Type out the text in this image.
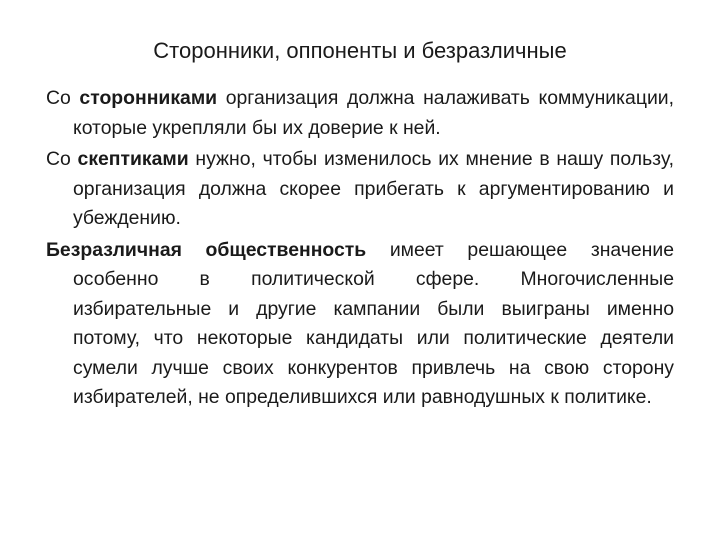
Сторонники, оппоненты и безразличные

Со сторонниками организация должна налаживать коммуникации, которые укрепляли бы их доверие к ней.

Со скептиками нужно, чтобы изменилось их мнение в нашу пользу, организация должна скорее прибегать к аргументированию и убеждению.

Безразличная общественность имеет решающее значение особенно в политической сфере. Многочисленные избирательные и другие кампании были выиграны именно потому, что некоторые кандидаты или политические деятели сумели лучше своих конкурентов привлечь на свою сторону избирателей, не определившихся или равнодушных к политике.
